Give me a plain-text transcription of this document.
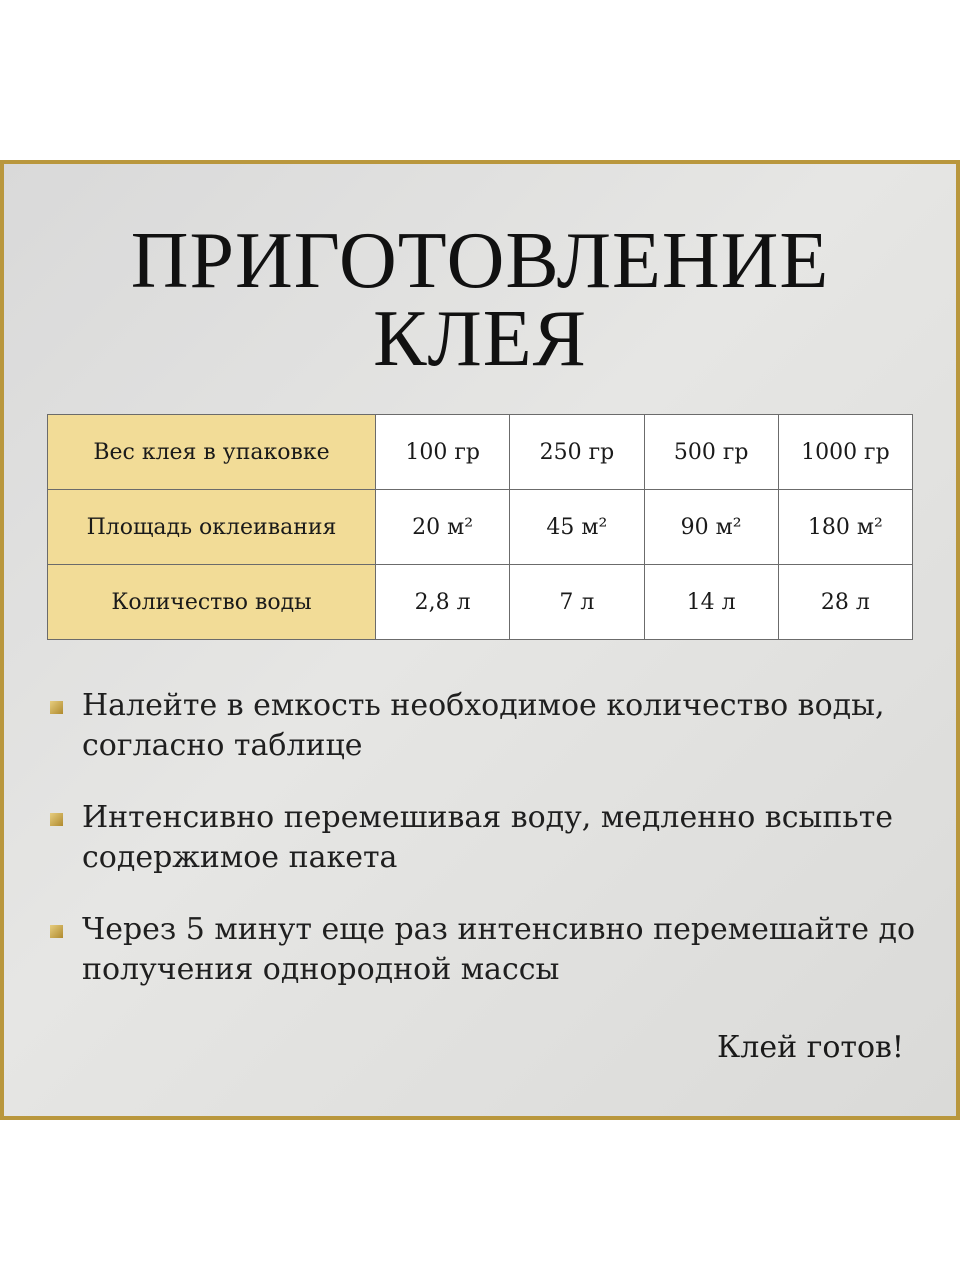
ПРИГОТОВЛЕНИЕ
КЛЕЯ
Вес клея в упаковке	100 гр	250 гр	500 гр	1000 гр
Площадь оклеивания	20 м²	45 м²	90 м²	180 м²
Количество воды	2,8 л	7 л	14 л	28 л
Налейте в емкость необходимое количество воды, согласно таблице
Интенсивно перемешивая воду, медленно всыпьте содержимое пакета
Через 5 минут еще раз интенсивно перемешайте до получения однородной массы
Клей готов!
